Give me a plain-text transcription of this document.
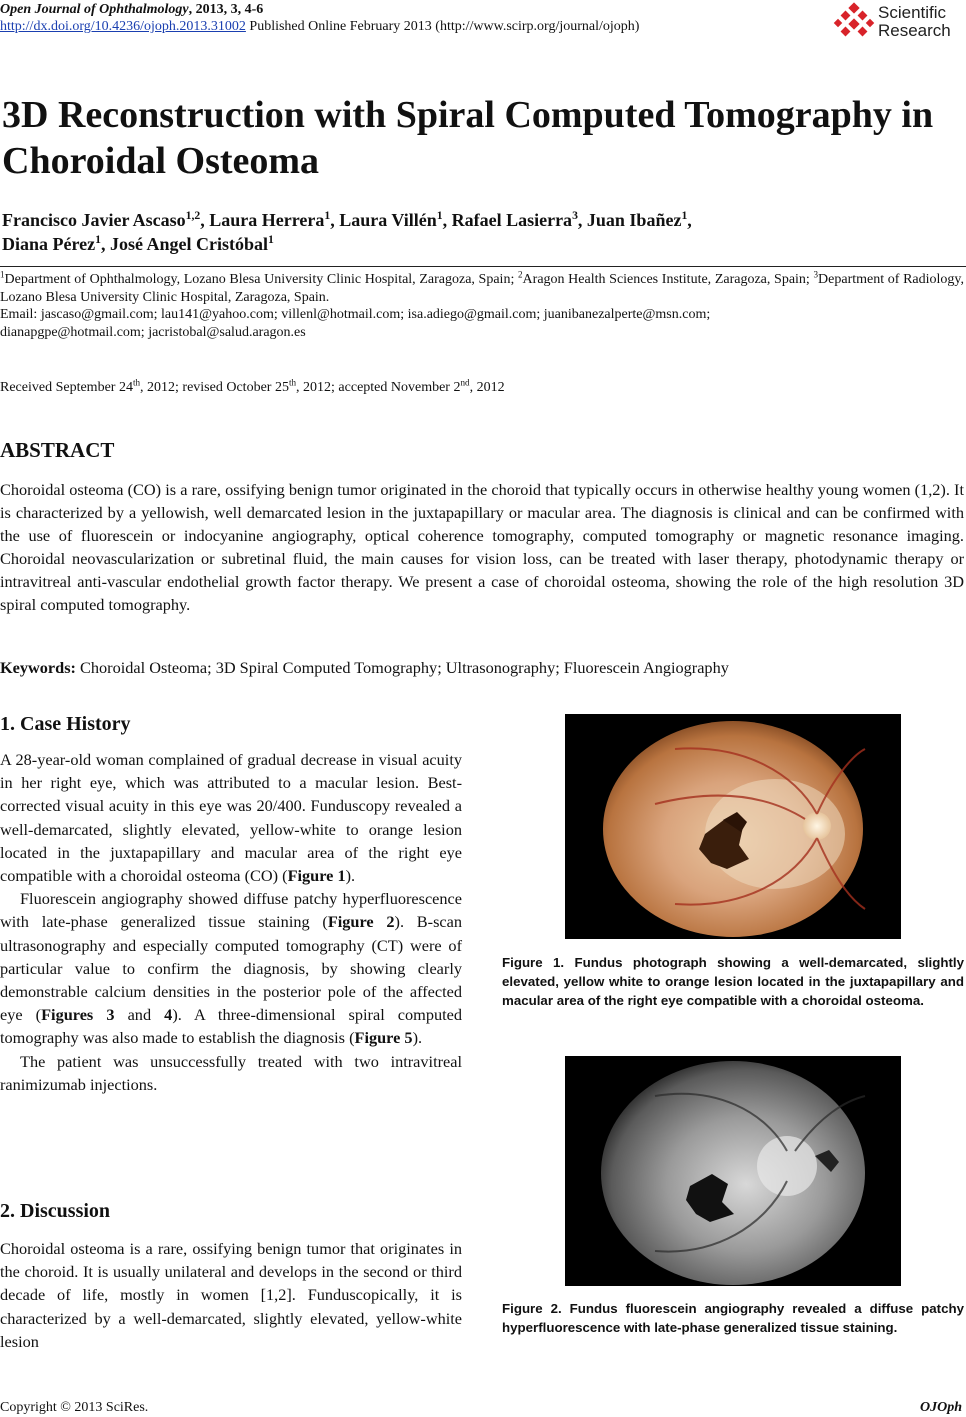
Open Journal of Ophthalmology, 2013, 3, 4-6
http://dx.doi.org/10.4236/ojoph.2013.31002 Published Online February 2013 (http://www.scirp.org/journal/ojoph)
Scientific
Research
3D Reconstruction with Spiral Computed Tomography in Choroidal Osteoma
Francisco Javier Ascaso$^{1,2}$, Laura Herrera$^1$, Laura Villén$^1$, Rafael Lasierra$^3$, Juan Ibañez$^1$,
Diana Pérez$^1$, José Angel Cristóbal$^1$
$^1$Department of Ophthalmology, Lozano Blesa University Clinic Hospital, Zaragoza, Spain; $^2$Aragon Health Sciences Institute, Zaragoza, Spain; $^3$Department of Radiology, Lozano Blesa University Clinic Hospital, Zaragoza, Spain.
Email: jascaso@gmail.com; lau141@yahoo.com; villenl@hotmail.com; isa.adiego@gmail.com; juanibanezalperte@msn.com;
dianapgpe@hotmail.com; jacristobal@salud.aragon.es
Received September 24th, 2012; revised October 25th, 2012; accepted November 2nd, 2012
ABSTRACT
Choroidal osteoma (CO) is a rare, ossifying benign tumor originated in the choroid that typically occurs in otherwise healthy young women (1,2). It is characterized by a yellowish, well demarcated lesion in the juxtapapillary or macular area. The diagnosis is clinical and can be confirmed with the use of fluorescein or indocyanine angiography, optical coherence tomography, computed tomography or magnetic resonance imaging. Choroidal neovascularization or subretinal fluid, the main causes for vision loss, can be treated with laser therapy, photodynamic therapy or intravitreal anti-vascular endothelial growth factor therapy. We present a case of choroidal osteoma, showing the role of the high resolution 3D spiral computed tomography.
Keywords: Choroidal Osteoma; 3D Spiral Computed Tomography; Ultrasonography; Fluorescein Angiography
1. Case History

A 28-year-old woman complained of gradual decrease in visual acuity in her right eye, which was attributed to a macular lesion. Best-corrected visual acuity in this eye was 20/400. Funduscopy revealed a well-demarcated, slightly elevated, yellow-white to orange lesion located in the juxtapapillary and macular area of the right eye compatible with a choroidal osteoma (CO) (Figure 1).

Fluorescein angiography showed diffuse patchy hyperfluorescence with late-phase generalized tissue staining (Figure 2). B-scan ultrasonography and especially computed tomography (CT) were of particular value to confirm the diagnosis, by showing clearly demonstrable calcium densities in the posterior pole of the affected eye (Figures 3 and 4). A three-dimensional spiral computed tomography was also made to establish the diagnosis (Figure 5).

The patient was unsuccessfully treated with two intravitreal ranimizumab injections.

2. Discussion

Choroidal osteoma is a rare, ossifying benign tumor that originates in the choroid. It is usually unilateral and develops in the second or third decade of life, mostly in women [1,2]. Funduscopically, it is characterized by a well-demarcated, slightly elevated, yellow-white lesion

Figure 1. Fundus photograph showing a well-demarcated, slightly elevated, yellow white to orange lesion located in the juxtapapillary and macular area of the right eye compatible with a choroidal osteoma.
Figure 2. Fundus fluorescein angiography revealed a diffuse patchy hyperfluorescence with late-phase generalized tissue staining.
Copyright © 2013 SciRes.	OJOph
